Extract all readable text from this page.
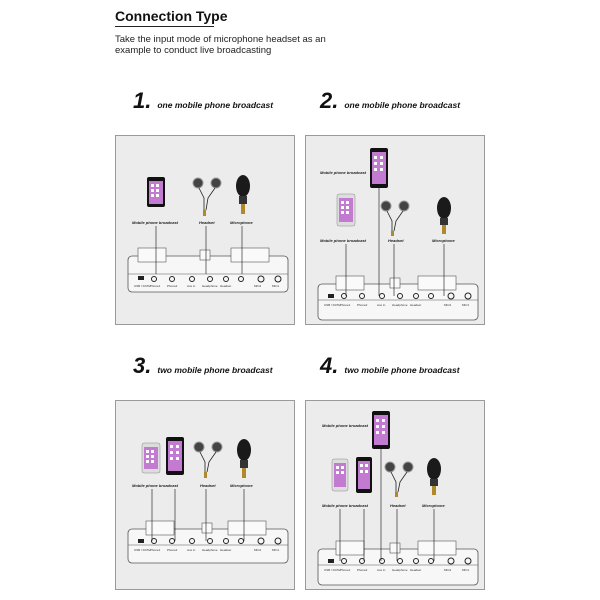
Connection Type
Take the input mode of microphone headset as an example to conduct live broadcasting
1. one mobile phone broadcast 2. one mobile phone broadcast
3. two mobile phone broadcast 4. two mobile phone broadcast
USB / DC5V Phone1 Phone2	Aux in Headphone Headset	MIC2	MIC1
Mobile phone broadcast	Headset	Microphone
USB / DC5V Phone1 Phone2	Aux in Headphone Headset	MIC2	MIC1
Mobile phone broadcast
Mobile phone broadcast	Headset	Microphone
USB / DC5V Phone1 Phone2	Aux in Headphone Headset	MIC2	MIC1
Mobile phone broadcast	Headset	Microphone
USB / DC5V Phone1 Phone2	Aux in Headphone Headset	MIC2	MIC1
Mobile phone broadcast
Mobile phone broadcast	Headset	Microphone
